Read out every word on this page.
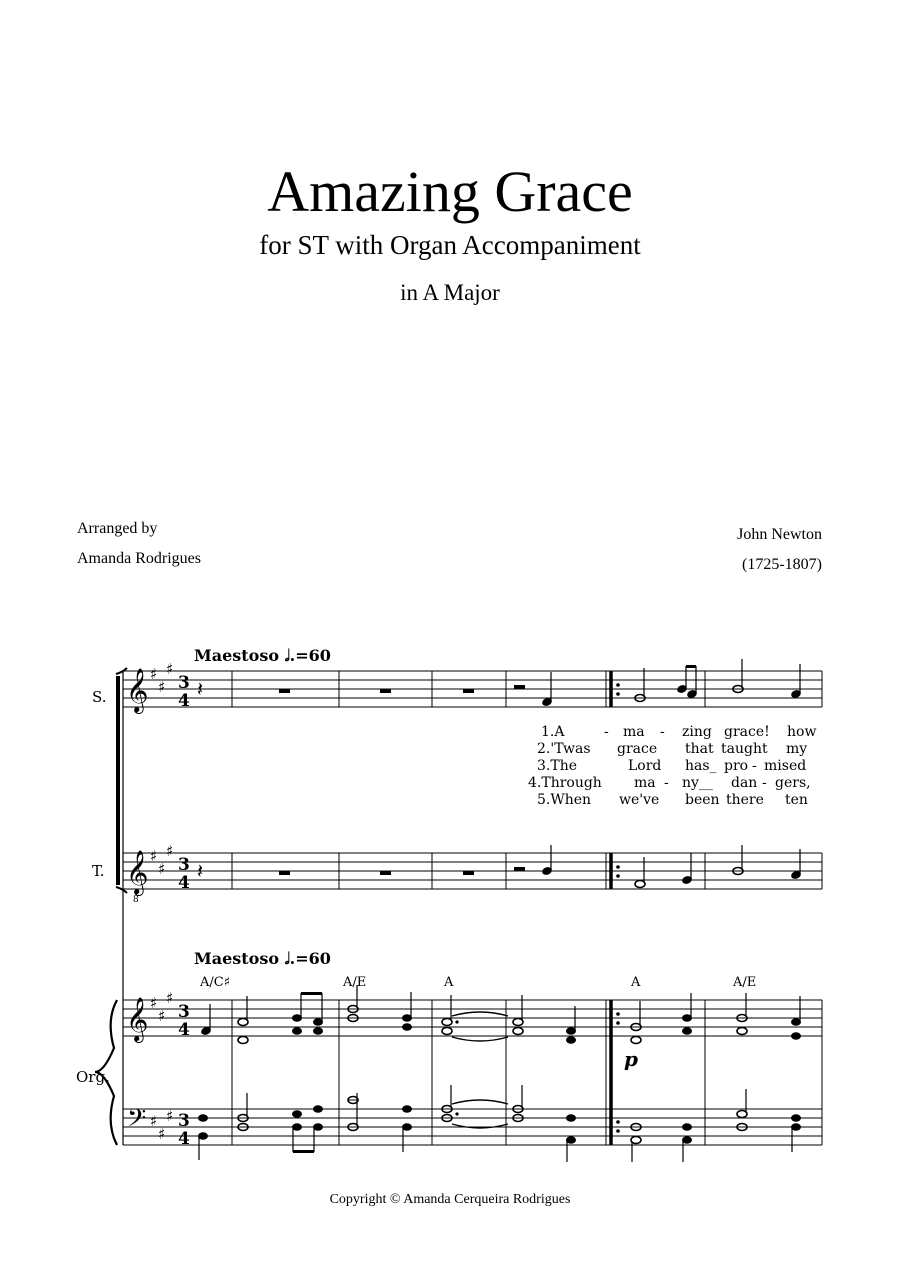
Amazing Grace
for ST with Organ Accompaniment
in A Major
Arranged by
Amanda Rodrigues
John Newton
(1725-1807)
Maestoso 𝅗𝅥.=60
Maestoso 𝅗𝅥.=60
S.
T.
Org.
A/C♯	A/E	A	A	A/E
1.A	- ma - zing grace! how
2.'Twas grace that taught my
3.The	Lord has_ pro - mised
4.Through ma - ny__ dan - gers,
5.When we've been there ten
𝄞
𝄞
8
𝄞
𝄢
♯
♯
♯
♯
♯
♯
♯
♯
♯
♯
♯
♯
3
4
3
4
3
4
3
4
𝄽
𝄽
p
Copyright © Amanda Cerqueira Rodrigues
